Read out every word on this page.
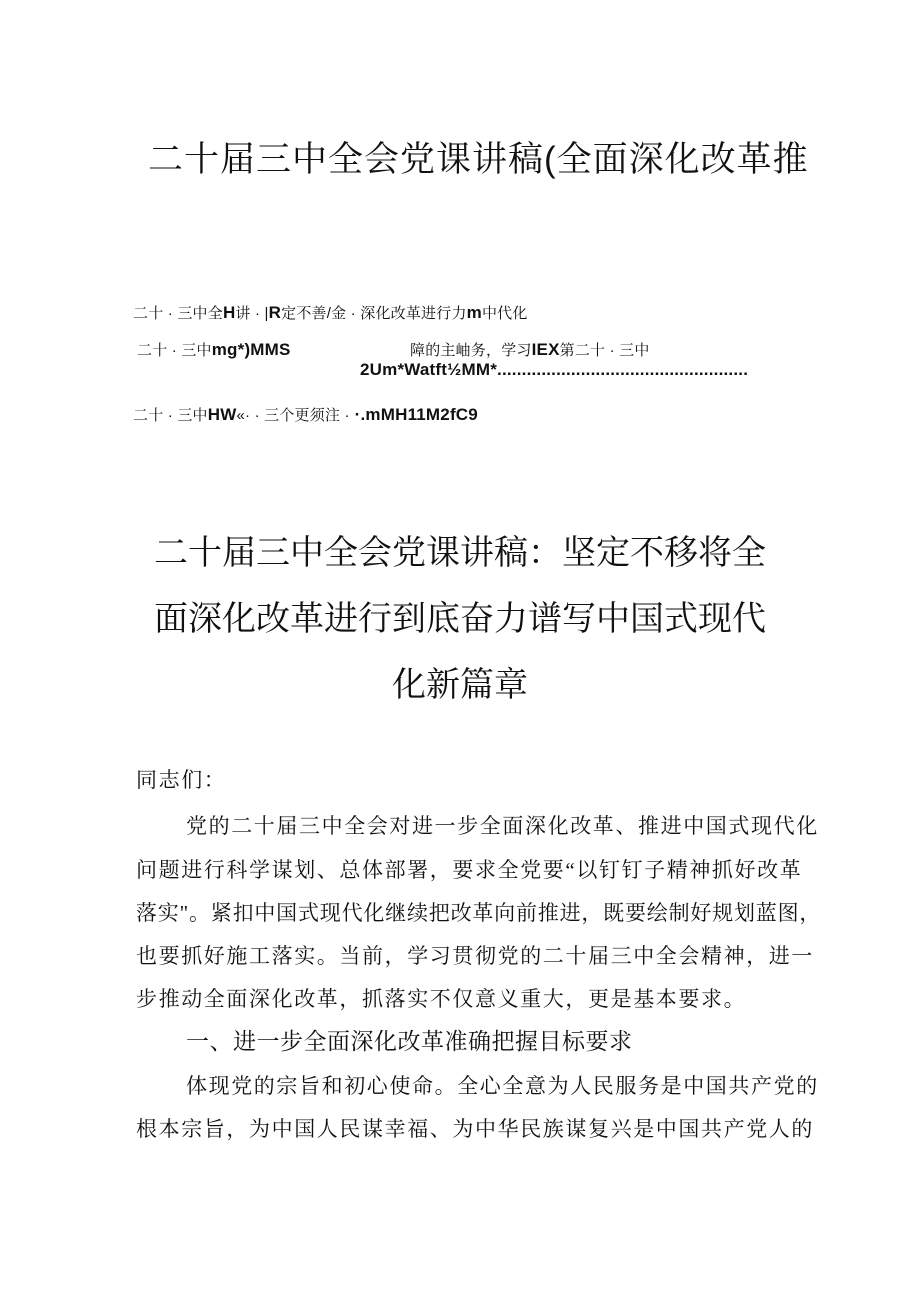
二十届三中全会党课讲稿(全面深化改革推
二十 · 三中全H讲 · |R定不善/金 · 深化改革进行力m中代化
二十 · 三中mg*)MMS	障的主岫务，学习IEX第二十 · 三中
2Um*Watft½MM*...................................................
二十 · 三中HW«· · 三个更须注 · ·.mMH11M2fC9
二十届三中全会党课讲稿：坚定不移将全
面深化改革进行到底奋力谱写中国式现代
化新篇章
同志们：
党的二十届三中全会对进一步全面深化改革、推进中国式现代化
问题进行科学谋划、总体部署，要求全党要“以钉钉子精神抓好改革
落实"。紧扣中国式现代化继续把改革向前推进，既要绘制好规划蓝图，
也要抓好施工落实。当前，学习贯彻党的二十届三中全会精神，进一
步推动全面深化改革，抓落实不仅意义重大，更是基本要求。
一、进一步全面深化改革准确把握目标要求
体现党的宗旨和初心使命。全心全意为人民服务是中国共产党的
根本宗旨，为中国人民谋幸福、为中华民族谋复兴是中国共产党人的
